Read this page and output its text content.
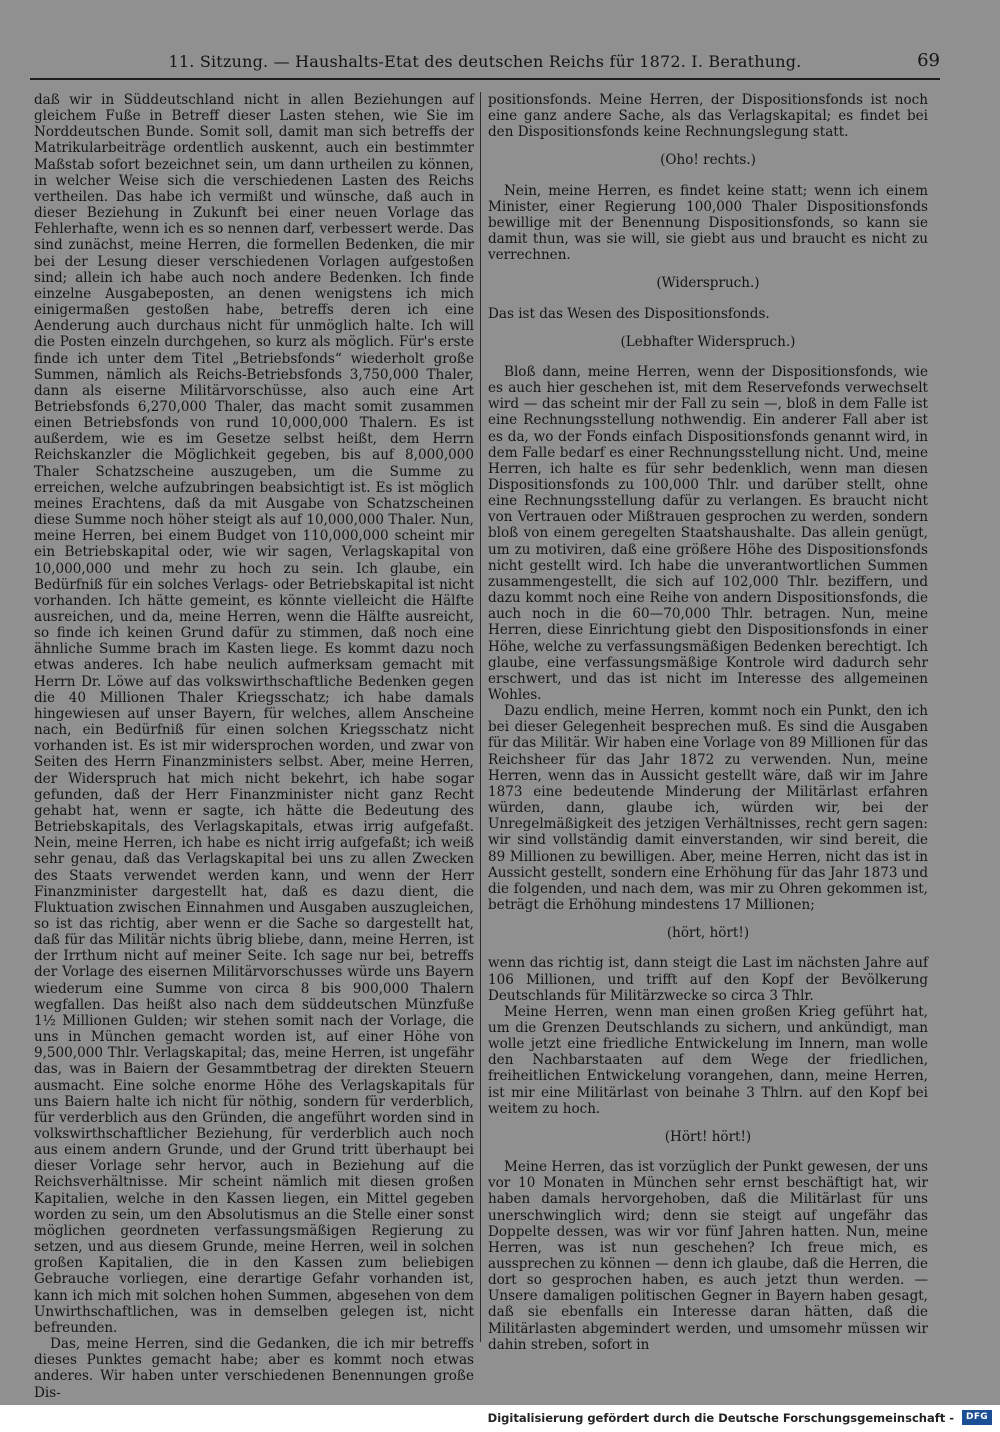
11. Sitzung. — Haushalts-Etat des deutschen Reichs für 1872. I. Berathung.	69

daß wir in Süddeutschland nicht in allen Beziehungen auf gleichem Fuße in Betreff dieser Lasten stehen, wie Sie im Norddeutschen Bunde. Somit soll, damit man sich betreffs der Matrikularbeiträge ordentlich auskennt, auch ein bestimmter Maßstab sofort bezeichnet sein, um dann urtheilen zu können, in welcher Weise sich die verschiedenen Lasten des Reichs vertheilen. Das habe ich vermißt und wünsche, daß auch in dieser Beziehung in Zukunft bei einer neuen Vorlage das Fehlerhafte, wenn ich es so nennen darf, verbessert werde. Das sind zunächst, meine Herren, die formellen Bedenken, die mir bei der Lesung dieser verschiedenen Vorlagen aufgestoßen sind; allein ich habe auch noch andere Bedenken. Ich finde einzelne Ausgabeposten, an denen wenigstens ich mich einigermaßen gestoßen habe, betreffs deren ich eine Aenderung auch durchaus nicht für unmöglich halte. Ich will die Posten einzeln durchgehen, so kurz als möglich. Für's erste finde ich unter dem Titel „Betriebsfonds“ wiederholt große Summen, nämlich als Reichs-Betriebsfonds 3,750,000 Thaler, dann als eiserne Militärvorschüsse, also auch eine Art Betriebsfonds 6,270,000 Thaler, das macht somit zusammen einen Betriebsfonds von rund 10,000,000 Thalern. Es ist außerdem, wie es im Gesetze selbst heißt, dem Herrn Reichskanzler die Möglichkeit gegeben, bis auf 8,000,000 Thaler Schatzscheine auszugeben, um die Summe zu erreichen, welche aufzubringen beabsichtigt ist. Es ist möglich meines Erachtens, daß da mit Ausgabe von Schatzscheinen diese Summe noch höher steigt als auf 10,000,000 Thaler. Nun, meine Herren, bei einem Budget von 110,000,000 scheint mir ein Betriebskapital oder, wie wir sagen, Verlagskapital von 10,000,000 und mehr zu hoch zu sein. Ich glaube, ein Bedürfniß für ein solches Verlags- oder Betriebskapital ist nicht vorhanden. Ich hätte gemeint, es könnte vielleicht die Hälfte ausreichen, und da, meine Herren, wenn die Hälfte ausreicht, so finde ich keinen Grund dafür zu stimmen, daß noch eine ähnliche Summe brach im Kasten liege. Es kommt dazu noch etwas anderes. Ich habe neulich aufmerksam gemacht mit Herrn Dr. Löwe auf das volkswirthschaftliche Bedenken gegen die 40 Millionen Thaler Kriegsschatz; ich habe damals hingewiesen auf unser Bayern, für welches, allem Anscheine nach, ein Bedürfniß für einen solchen Kriegsschatz nicht vorhanden ist. Es ist mir widersprochen worden, und zwar von Seiten des Herrn Finanzministers selbst. Aber, meine Herren, der Widerspruch hat mich nicht bekehrt, ich habe sogar gefunden, daß der Herr Finanzminister nicht ganz Recht gehabt hat, wenn er sagte, ich hätte die Bedeutung des Betriebskapitals, des Verlagskapitals, etwas irrig aufgefaßt. Nein, meine Herren, ich habe es nicht irrig aufgefaßt; ich weiß sehr genau, daß das Verlagskapital bei uns zu allen Zwecken des Staats verwendet werden kann, und wenn der Herr Finanzminister dargestellt hat, daß es dazu dient, die Fluktuation zwischen Einnahmen und Ausgaben auszugleichen, so ist das richtig, aber wenn er die Sache so dargestellt hat, daß für das Militär nichts übrig bliebe, dann, meine Herren, ist der Irrthum nicht auf meiner Seite. Ich sage nur bei, betreffs der Vorlage des eisernen Militärvorschusses würde uns Bayern wiederum eine Summe von circa 8 bis 900,000 Thalern wegfallen. Das heißt also nach dem süddeutschen Münzfuße 1½ Millionen Gulden; wir stehen somit nach der Vorlage, die uns in München gemacht worden ist, auf einer Höhe von 9,500,000 Thlr. Verlagskapital; das, meine Herren, ist ungefähr das, was in Baiern der Gesammtbetrag der direkten Steuern ausmacht. Eine solche enorme Höhe des Verlagskapitals für uns Baiern halte ich nicht für nöthig, sondern für verderblich, für verderblich aus den Gründen, die angeführt worden sind in volkswirthschaftlicher Beziehung, für verderblich auch noch aus einem andern Grunde, und der Grund tritt überhaupt bei dieser Vorlage sehr hervor, auch in Beziehung auf die Reichsverhältnisse. Mir scheint nämlich mit diesen großen Kapitalien, welche in den Kassen liegen, ein Mittel gegeben worden zu sein, um den Absolutismus an die Stelle einer sonst möglichen geordneten verfassungsmäßigen Regierung zu setzen, und aus diesem Grunde, meine Herren, weil in solchen großen Kapitalien, die in den Kassen zum beliebigen Gebrauche vorliegen, eine derartige Gefahr vorhanden ist, kann ich mich mit solchen hohen Summen, abgesehen von dem Unwirthschaftlichen, was in demselben gelegen ist, nicht befreunden.

Das, meine Herren, sind die Gedanken, die ich mir betreffs dieses Punktes gemacht habe; aber es kommt noch etwas anderes. Wir haben unter verschiedenen Benennungen große Dis-

positionsfonds. Meine Herren, der Dispositionsfonds ist noch eine ganz andere Sache, als das Verlagskapital; es findet bei den Dispositionsfonds keine Rechnungslegung statt.

(Oho! rechts.)

Nein, meine Herren, es findet keine statt; wenn ich einem Minister, einer Regierung 100,000 Thaler Dispositionsfonds bewillige mit der Benennung Dispositionsfonds, so kann sie damit thun, was sie will, sie giebt aus und braucht es nicht zu verrechnen.

(Widerspruch.)

Das ist das Wesen des Dispositionsfonds.

(Lebhafter Widerspruch.)

Bloß dann, meine Herren, wenn der Dispositionsfonds, wie es auch hier geschehen ist, mit dem Reservefonds verwechselt wird — das scheint mir der Fall zu sein —, bloß in dem Falle ist eine Rechnungsstellung nothwendig. Ein anderer Fall aber ist es da, wo der Fonds einfach Dispositionsfonds genannt wird, in dem Falle bedarf es einer Rechnungsstellung nicht. Und, meine Herren, ich halte es für sehr bedenklich, wenn man diesen Dispositionsfonds zu 100,000 Thlr. und darüber stellt, ohne eine Rechnungsstellung dafür zu verlangen. Es braucht nicht von Vertrauen oder Mißtrauen gesprochen zu werden, sondern bloß von einem geregelten Staatshaushalte. Das allein genügt, um zu motiviren, daß eine größere Höhe des Dispositionsfonds nicht gestellt wird. Ich habe die unverantwortlichen Summen zusammengestellt, die sich auf 102,000 Thlr. beziffern, und dazu kommt noch eine Reihe von andern Dispositionsfonds, die auch noch in die 60—70,000 Thlr. betragen. Nun, meine Herren, diese Einrichtung giebt den Dispositionsfonds in einer Höhe, welche zu verfassungsmäßigen Bedenken berechtigt. Ich glaube, eine verfassungsmäßige Kontrole wird dadurch sehr erschwert, und das ist nicht im Interesse des allgemeinen Wohles.

Dazu endlich, meine Herren, kommt noch ein Punkt, den ich bei dieser Gelegenheit besprechen muß. Es sind die Ausgaben für das Militär. Wir haben eine Vorlage von 89 Millionen für das Reichsheer für das Jahr 1872 zu verwenden. Nun, meine Herren, wenn das in Aussicht gestellt wäre, daß wir im Jahre 1873 eine bedeutende Minderung der Militärlast erfahren würden, dann, glaube ich, würden wir, bei der Unregelmäßigkeit des jetzigen Verhältnisses, recht gern sagen: wir sind vollständig damit einverstanden, wir sind bereit, die 89 Millionen zu bewilligen. Aber, meine Herren, nicht das ist in Aussicht gestellt, sondern eine Erhöhung für das Jahr 1873 und die folgenden, und nach dem, was mir zu Ohren gekommen ist, beträgt die Erhöhung mindestens 17 Millionen;

(hört, hört!)

wenn das richtig ist, dann steigt die Last im nächsten Jahre auf 106 Millionen, und trifft auf den Kopf der Bevölkerung Deutschlands für Militärzwecke so circa 3 Thlr.

Meine Herren, wenn man einen großen Krieg geführt hat, um die Grenzen Deutschlands zu sichern, und ankündigt, man wolle jetzt eine friedliche Entwickelung im Innern, man wolle den Nachbarstaaten auf dem Wege der friedlichen, freiheitlichen Entwickelung vorangehen, dann, meine Herren, ist mir eine Militärlast von beinahe 3 Thlrn. auf den Kopf bei weitem zu hoch.

(Hört! hört!)

Meine Herren, das ist vorzüglich der Punkt gewesen, der uns vor 10 Monaten in München sehr ernst beschäftigt hat, wir haben damals hervorgehoben, daß die Militärlast für uns unerschwinglich wird; denn sie steigt auf ungefähr das Doppelte dessen, was wir vor fünf Jahren hatten. Nun, meine Herren, was ist nun geschehen? Ich freue mich, es aussprechen zu können — denn ich glaube, daß die Herren, die dort so gesprochen haben, es auch jetzt thun werden. — Unsere damaligen politischen Gegner in Bayern haben gesagt, daß sie ebenfalls ein Interesse daran hätten, daß die Militärlasten abgemindert werden, und umsomehr müssen wir dahin streben, sofort in

Digitalisierung gefördert durch die Deutsche Forschungsgemeinschaft -	DFG
